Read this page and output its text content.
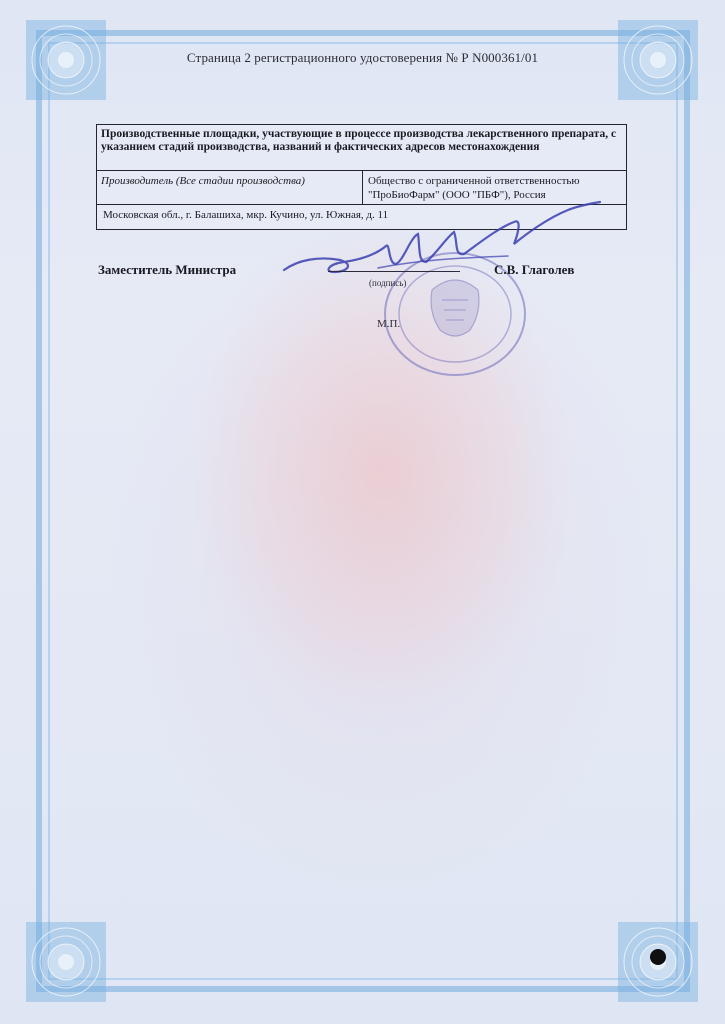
Страница 2 регистрационного удостоверения № Р N000361/01
Производственные площадки, участвующие в процессе производства лекарственного препарата, с указанием стадий производства, названий и фактических адресов местонахождения
Производитель (Все стадии производства)	Общество с ограниченной ответственностью
"ПроБиоФарм" (ООО "ПБФ"), Россия
Московская обл., г. Балашиха, мкр. Кучино, ул. Южная, д. 11
Заместитель Министра
(подпись)
С.В. Глаголев
М.П.
